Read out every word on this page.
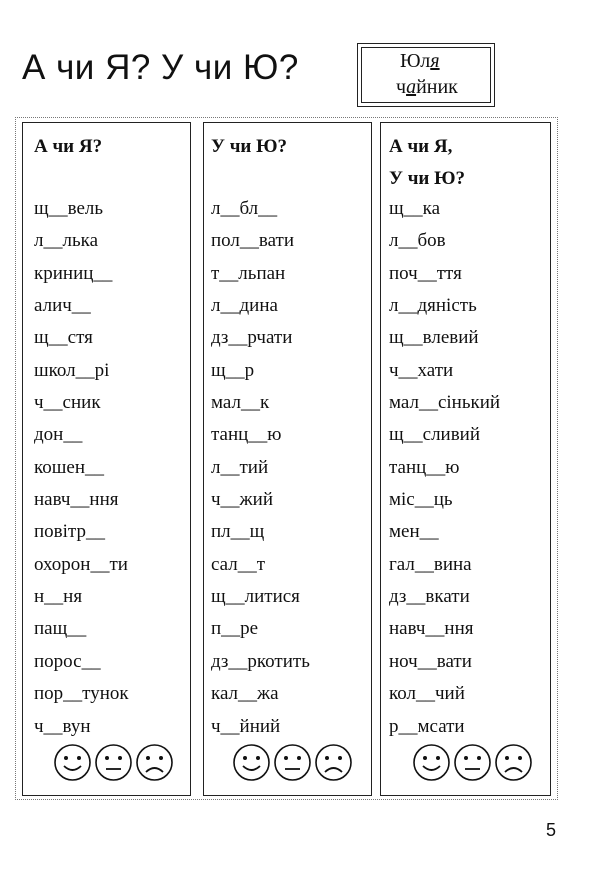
А чи Я? У чи Ю?	Юля
чайник
А чи Я?
щ__вель
л__лька
криниц__
алич__
щ__стя
школ__рі
ч__сник
дон__
кошен__
навч__ння
повітр__
охорон__ти
н__ня
пащ__
порос__
пор__тунок
ч__вун
У чи Ю?
л__бл__
пол__вати
т__льпан
л__дина
дз__рчати
щ__р
мал__к
танц__ю
л__тий
ч__жий
пл__щ
сал__т
щ__литися
п__ре
дз__ркотить
кал__жа
ч__йний
А чи Я,
У чи Ю?
щ__ка
л__бов
поч__ття
л__дяність
щ__влевий
ч__хати
мал__сінький
щ__сливий
танц__ю
міс__ць
мен__
гал__вина
дз__вкати
навч__ння
ноч__вати
кол__чий
р__мсати
5
